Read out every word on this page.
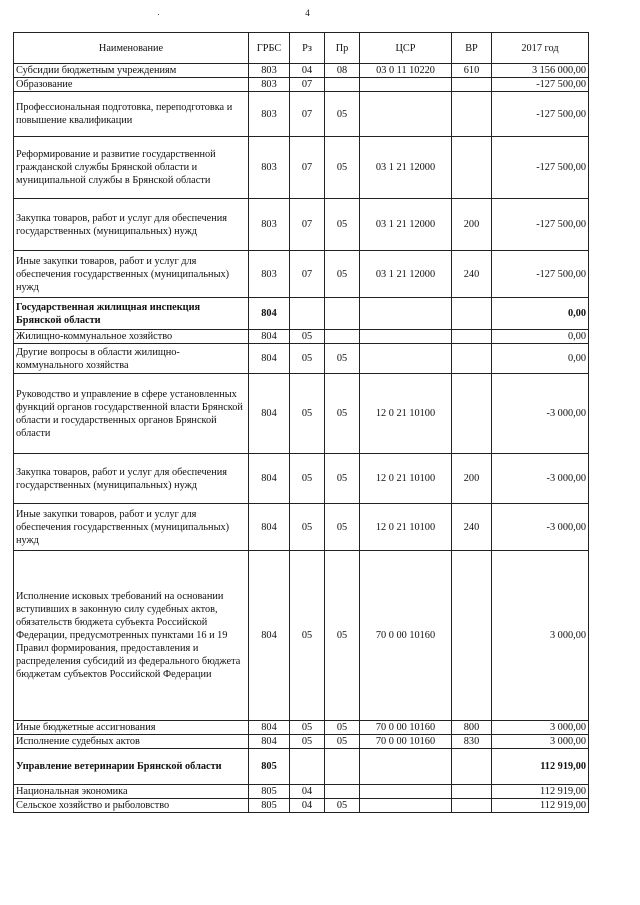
4
Наименование	ГРБС	Рз	Пр	ЦСР	ВР	2017 год
Субсидии бюджетным учреждениям	803	04	08	03 0 11 10220	610	3 156 000,00
Образование	803	07				-127 500,00
Профессиональная подготовка, переподготовка и повышение квалификации	803	07	05			-127 500,00
Реформирование и развитие государственной гражданской службы Брянской области и муниципальной службы в Брянской области	803	07	05	03 1 21 12000		-127 500,00
Закупка товаров, работ и услуг для обеспечения государственных (муниципальных) нужд	803	07	05	03 1 21 12000	200	-127 500,00
Иные закупки товаров, работ и услуг для обеспечения государственных (муниципальных) нужд	803	07	05	03 1 21 12000	240	-127 500,00
Государственная жилищная инспекция Брянской области	804					0,00
Жилищно-коммунальное хозяйство	804	05				0,00
Другие вопросы в области жилищно-коммунального хозяйства	804	05	05			0,00
Руководство и управление в сфере установленных функций органов государственной власти Брянской области и государственных органов Брянской области	804	05	05	12 0 21 10100		-3 000,00
Закупка товаров, работ и услуг для обеспечения государственных (муниципальных) нужд	804	05	05	12 0 21 10100	200	-3 000,00
Иные закупки товаров, работ и услуг для обеспечения государственных (муниципальных) нужд	804	05	05	12 0 21 10100	240	-3 000,00
Исполнение исковых требований на основании вступивших в законную силу судебных актов, обязательств бюджета субъекта Российской Федерации, предусмотренных пунктами 16 и 19 Правил формирования, предоставления и распределения субсидий из федерального бюджета бюджетам субъектов Российской Федерации	804	05	05	70 0 00 10160		3 000,00
Иные бюджетные ассигнования	804	05	05	70 0 00 10160	800	3 000,00
Исполнение судебных актов	804	05	05	70 0 00 10160	830	3 000,00
Управление ветеринарии Брянской области	805					112 919,00
Национальная экономика	805	04				112 919,00
Сельское хозяйство и рыболовство	805	04	05			112 919,00
